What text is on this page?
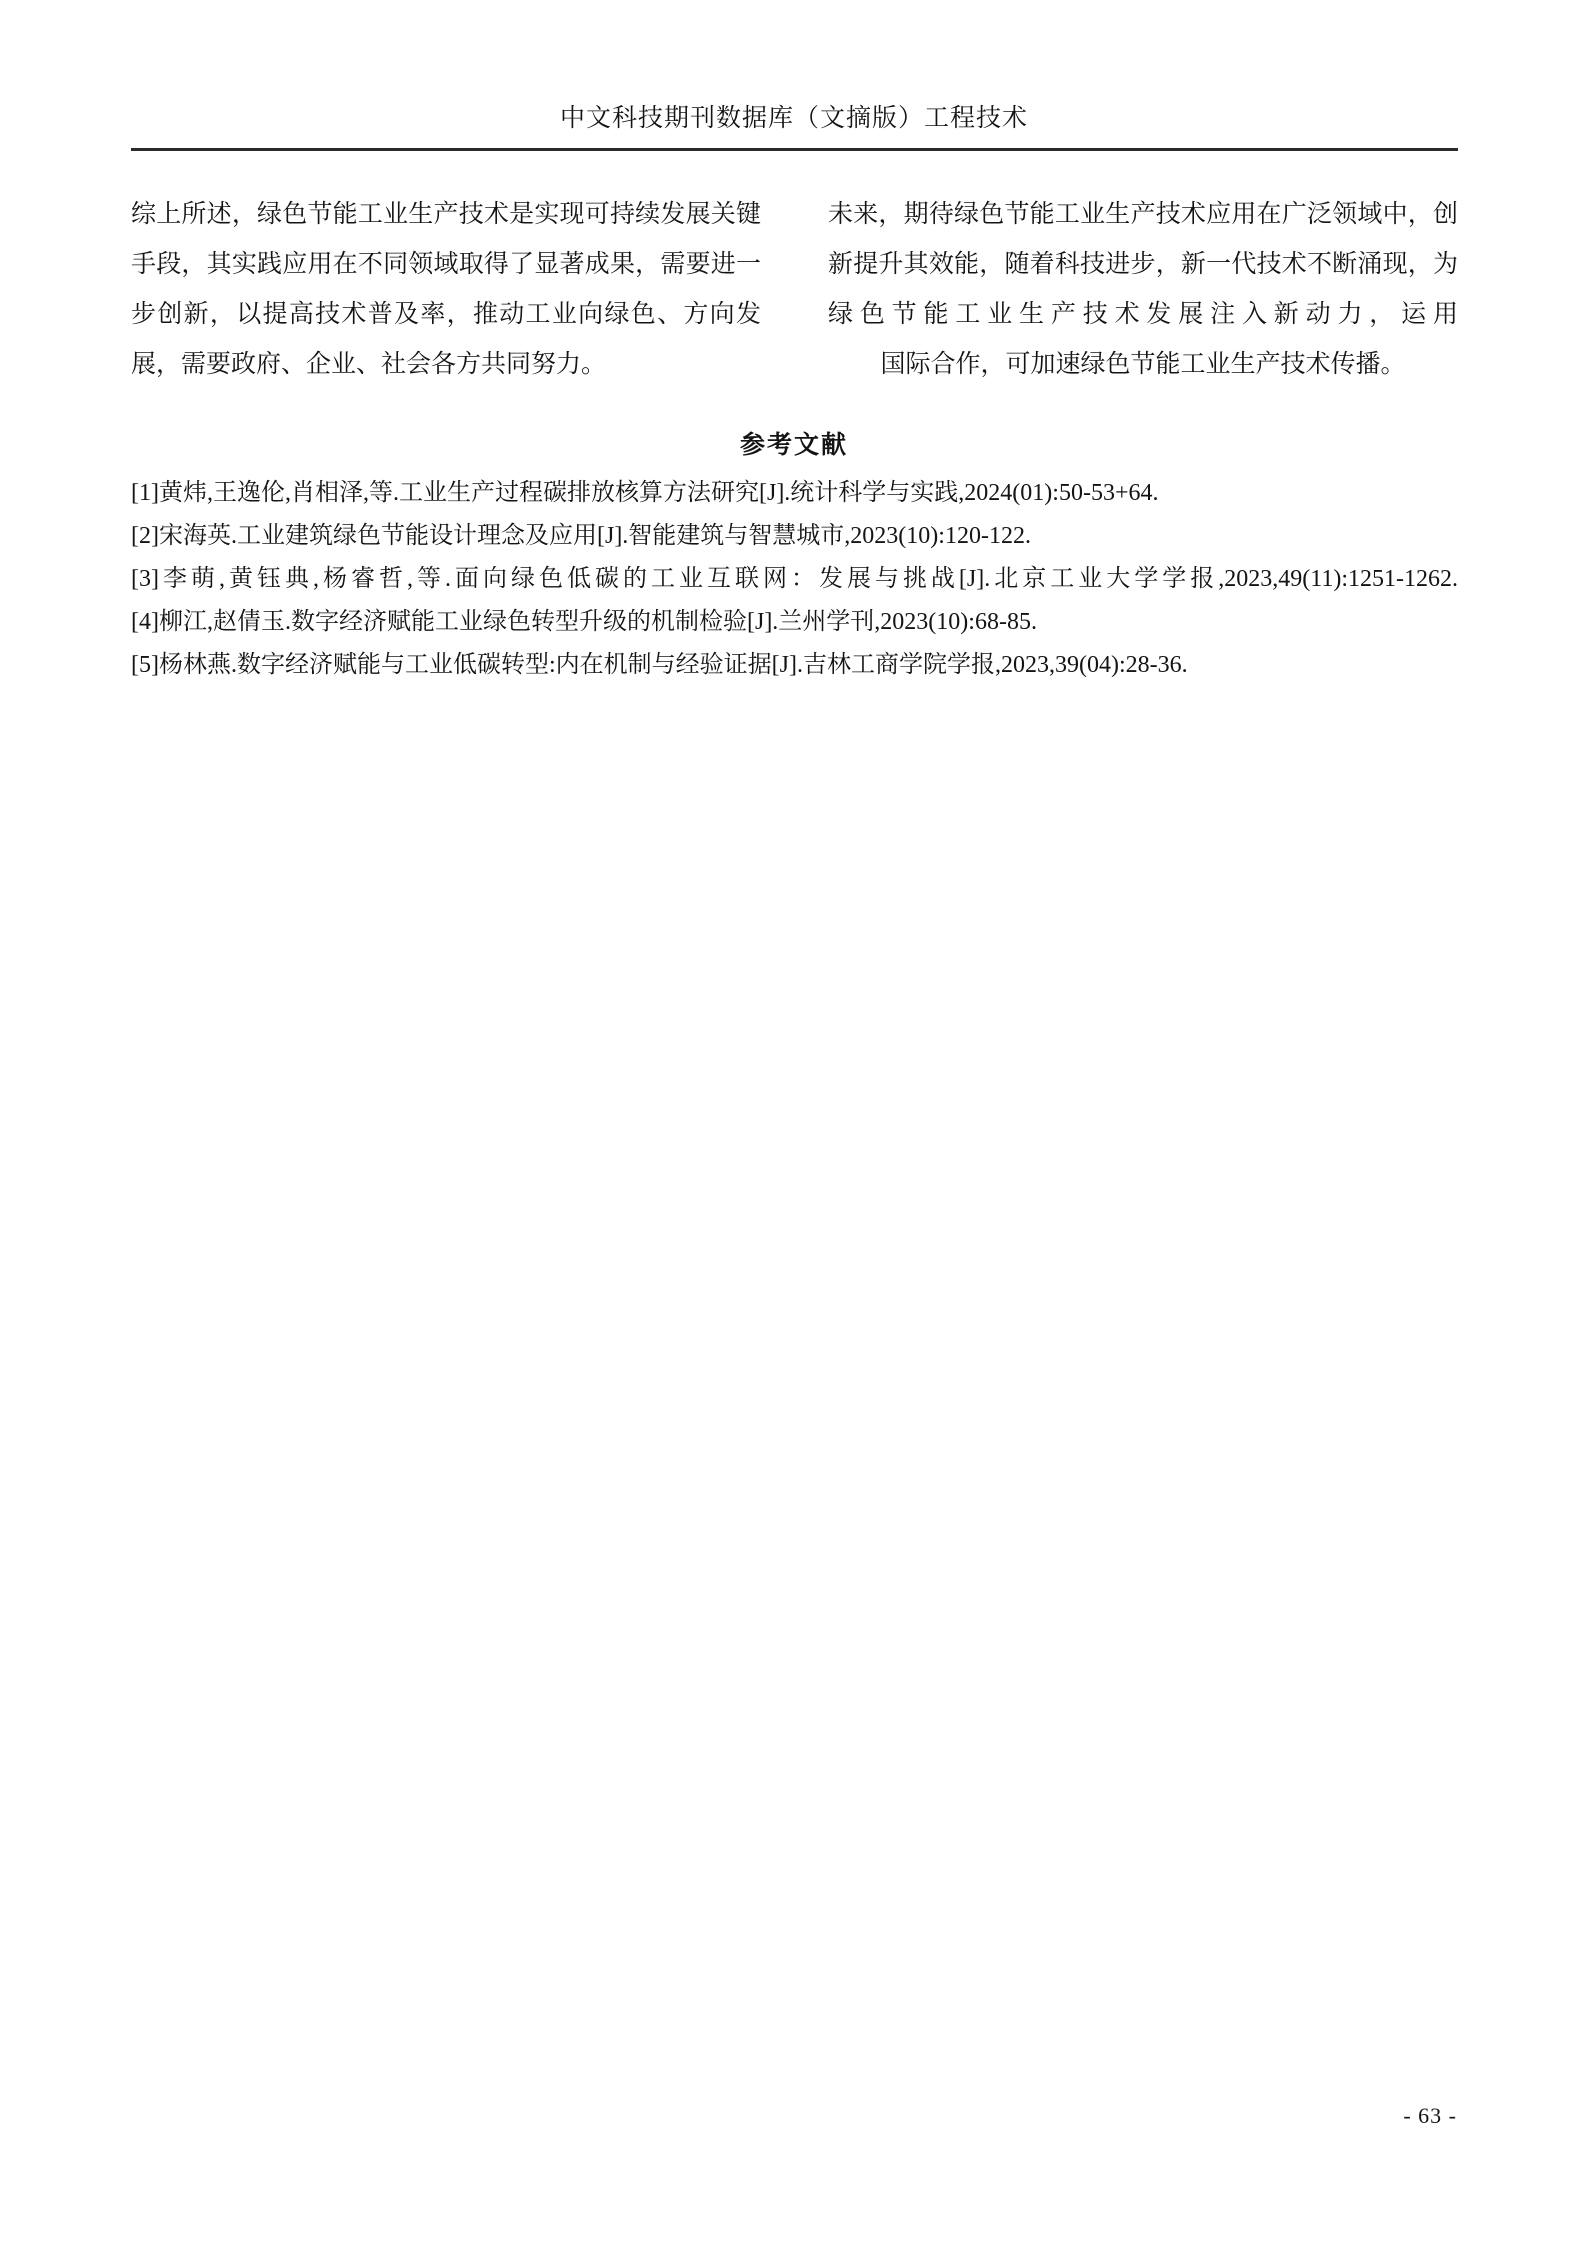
中文科技期刊数据库（文摘版）工程技术

综上所述，绿色节能工业生产技术是实现可持续发展关键手段，其实践应用在不同领域取得了显著成果，需要进一步创新，以提高技术普及率，推动工业向绿色、方向发展，需要政府、企业、社会各方共同努力。

未来，期待绿色节能工业生产技术应用在广泛领域中，创新提升其效能，随着科技进步，新一代技术不断涌现，为绿色节能工业生产技术发展注入新动力，运用

国际合作，可加速绿色节能工业生产技术传播。

参考文献

[1]黄炜,王逸伦,肖相泽,等.工业生产过程碳排放核算方法研究[J].统计科学与实践,2024(01):50-53+64.

[2]宋海英.工业建筑绿色节能设计理念及应用[J].智能建筑与智慧城市,2023(10):120-122.

[3]李萌,黄钰典,杨睿哲,等.面向绿色低碳的工业互联网：发展与挑战[J].北京工业大学学报,2023,49(11):1251-1262.

[4]柳江,赵倩玉.数字经济赋能工业绿色转型升级的机制检验[J].兰州学刊,2023(10):68-85.

[5]杨林燕.数字经济赋能与工业低碳转型:内在机制与经验证据[J].吉林工商学院学报,2023,39(04):28-36.

- 63 -
